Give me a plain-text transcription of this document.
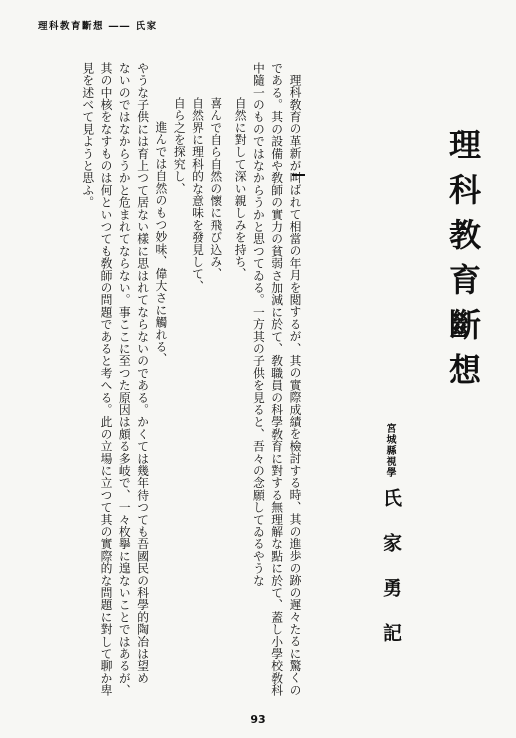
理科教育斷想 ―― 氏家
理科教育斷想
宮城縣視學
氏家勇記
理科敎育の革新が叫ばれて相當の年月を閲するが、其の實際成績を檢討する時、其の進歩の跡の遲々たるに驚くの
である。其の設備や敎師の實力の貧弱さ加減に於て、敎職員の科學敎育に對する無理解な點に於て、蓋し小學校敎科
中隨一のものではなからうかと思つてゐる。一方其の子供を見ると、吾々の念願してゐるやうな
自然に對して深い親しみを持ち、
喜んで自ら自然の懷に飛び込み、
自然界に理科的な意味を發見して、
自ら之を探究し、
進んでは自然のもつ妙味、偉大さに觸れる、
やうな子供には育上つて居ない樣に思はれてならないのである。かくては幾年待つても吾國民の科學的陶冶は望め
ないのではなからうかと危まれてならない。事ここに至つた原因は頗る多岐で、一々枚擧に遑ないことではあるが、
其の中核をなすものは何といつても敎師の問題であると考へる。此の立場に立つて其の實際的な問題に對して聊か卑
見を述べて見ようと思ふ。
93
